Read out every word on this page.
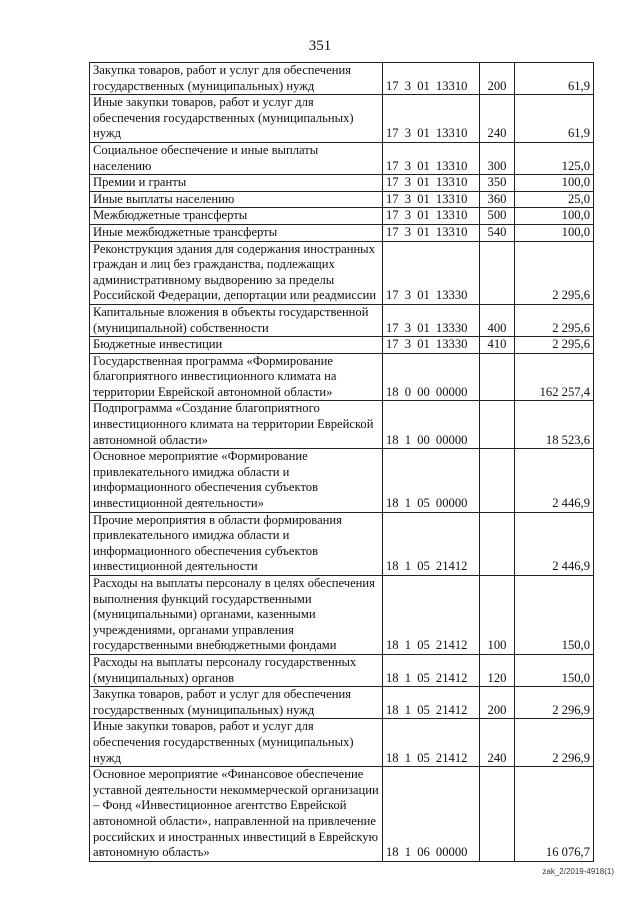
351
Закупка товаров, работ и услуг для обеспечения государственных (муниципальных) нужд	17 3 01 13310	200	61,9
Иные закупки товаров, работ и услуг для обеспечения государственных (муниципальных) нужд	17 3 01 13310	240	61,9
Социальное обеспечение и иные выплаты населению	17 3 01 13310	300	125,0
Премии и гранты	17 3 01 13310	350	100,0
Иные выплаты населению	17 3 01 13310	360	25,0
Межбюджетные трансферты	17 3 01 13310	500	100,0
Иные межбюджетные трансферты	17 3 01 13310	540	100,0
Реконструкция здания для содержания иностранных граждан и лиц без гражданства, подлежащих административному выдворению за пределы Российской Федерации, депортации или реадмиссии	17 3 01 13330		2 295,6
Капитальные вложения в объекты государственной (муниципальной) собственности	17 3 01 13330	400	2 295,6
Бюджетные инвестиции	17 3 01 13330	410	2 295,6
Государственная программа «Формирование благоприятного инвестиционного климата на территории Еврейской автономной области»	18 0 00 00000		162 257,4
Подпрограмма «Создание благоприятного инвестиционного климата на территории Еврейской автономной области»	18 1 00 00000		18 523,6
Основное мероприятие «Формирование привлекательного имиджа области и информационного обеспечения субъектов инвестиционной деятельности»	18 1 05 00000		2 446,9
Прочие мероприятия в области формирования привлекательного имиджа области и информационного обеспечения субъектов инвестиционной деятельности	18 1 05 21412		2 446,9
Расходы на выплаты персоналу в целях обеспечения выполнения функций государственными (муниципальными) органами, казенными учреждениями, органами управления государственными внебюджетными фондами	18 1 05 21412	100	150,0
Расходы на выплаты персоналу государственных (муниципальных) органов	18 1 05 21412	120	150,0
Закупка товаров, работ и услуг для обеспечения государственных (муниципальных) нужд	18 1 05 21412	200	2 296,9
Иные закупки товаров, работ и услуг для обеспечения государственных (муниципальных) нужд	18 1 05 21412	240	2 296,9
Основное мероприятие «Финансовое обеспечение уставной деятельности некоммерческой организации – Фонд «Инвестиционное агентство Еврейской автономной области», направленной на привлечение российских и иностранных инвестиций в Еврейскую автономную область»	18 1 06 00000		16 076,7
zak_2/2019-4918(1)
